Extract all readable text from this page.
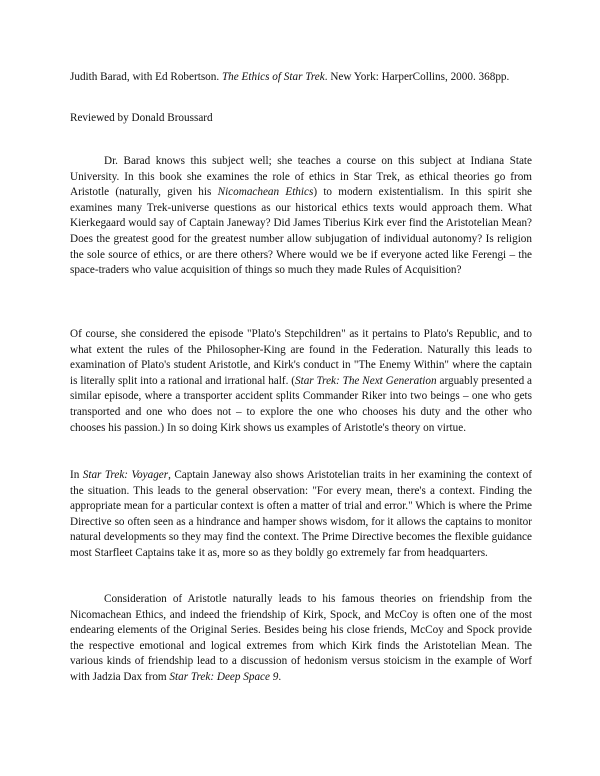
Judith Barad, with Ed Robertson. The Ethics of Star Trek. New York: HarperCollins, 2000. 368pp.

Reviewed by Donald Broussard

Dr. Barad knows this subject well; she teaches a course on this subject at Indiana State University. In this book she examines the role of ethics in Star Trek, as ethical theories go from Aristotle (naturally, given his Nicomachean Ethics) to modern existentialism. In this spirit she examines many Trek-universe questions as our historical ethics texts would approach them. What Kierkegaard would say of Captain Janeway? Did James Tiberius Kirk ever find the Aristotelian Mean? Does the greatest good for the greatest number allow subjugation of individual autonomy? Is religion the sole source of ethics, or are there others? Where would we be if everyone acted like Ferengi – the space-traders who value acquisition of things so much they made Rules of Acquisition?

Of course, she considered the episode "Plato's Stepchildren" as it pertains to Plato's Republic, and to what extent the rules of the Philosopher-King are found in the Federation. Naturally this leads to examination of Plato's student Aristotle, and Kirk's conduct in "The Enemy Within" where the captain is literally split into a rational and irrational half. (Star Trek: The Next Generation arguably presented a similar episode, where a transporter accident splits Commander Riker into two beings – one who gets transported and one who does not – to explore the one who chooses his duty and the other who chooses his passion.) In so doing Kirk shows us examples of Aristotle's theory on virtue.

In Star Trek: Voyager, Captain Janeway also shows Aristotelian traits in her examining the context of the situation. This leads to the general observation: "For every mean, there's a context. Finding the appropriate mean for a particular context is often a matter of trial and error." Which is where the Prime Directive so often seen as a hindrance and hamper shows wisdom, for it allows the captains to monitor natural developments so they may find the context. The Prime Directive becomes the flexible guidance most Starfleet Captains take it as, more so as they boldly go extremely far from headquarters.

Consideration of Aristotle naturally leads to his famous theories on friendship from the Nicomachean Ethics, and indeed the friendship of Kirk, Spock, and McCoy is often one of the most endearing elements of the Original Series. Besides being his close friends, McCoy and Spock provide the respective emotional and logical extremes from which Kirk finds the Aristotelian Mean. The various kinds of friendship lead to a discussion of hedonism versus stoicism in the example of Worf with Jadzia Dax from Star Trek: Deep Space 9.
